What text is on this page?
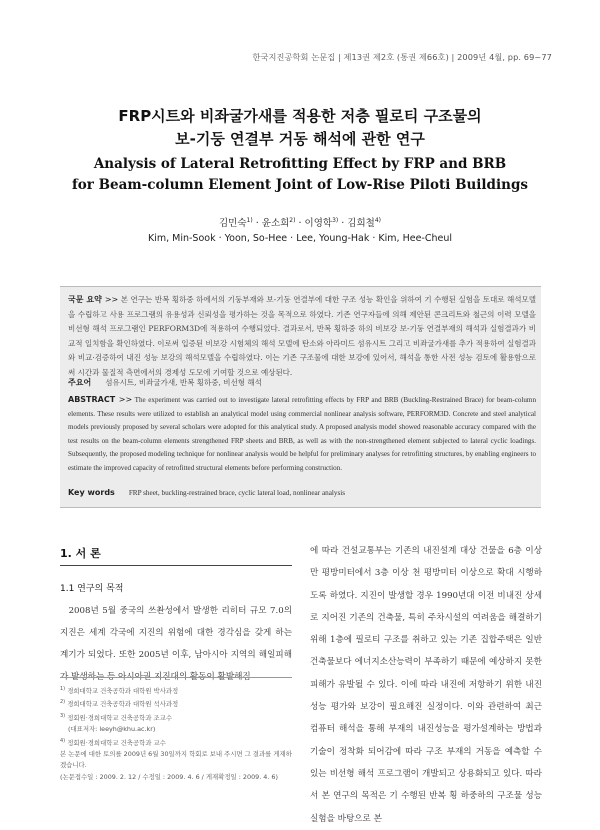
한국지진공학회 논문집 | 제13권 제2호 (통권 제66호) | 2009년 4월, pp. 69~77
FRP시트와 비좌굴가새를 적용한 저층 필로티 구조물의
보-기둥 연결부 거동 해석에 관한 연구
Analysis of Lateral Retrofitting Effect by FRP and BRB
for Beam-column Element Joint of Low-Rise Piloti Buildings
김민숙$^{1)}$ · 윤소희$^{2)}$ · 이영학$^{3)}$ · 김희철$^{4)}$
Kim, Min-Sook · Yoon, So-Hee · Lee, Young-Hak · Kim, Hee-Cheul
국문 요약 >> 본 연구는 반복 횡하중 하에서의 기둥부재와 보-기둥 연결부에 대한 구조 성능 확인을 위하여 기 수행된 실험을 토대로 해석모델을 수립하고 사용 프로그램의 유용성과 신뢰성을 평가하는 것을 목적으로 하였다. 기존 연구자들에 의해 제안된 콘크리트와 철근의 이력 모델을 비선형 해석 프로그램인 PERFORM3D에 적용하여 수행되었다. 결과로서, 반복 횡하중 하의 비보강 보-기둥 연결부재의 해석과 실험결과가 비교적 일치함을 확인하였다. 이로써 입증된 비보강 시험체의 해석 모델에 탄소와 아라미드 섬유시트 그리고 비좌굴가새를 추가 적용하여 실험결과와 비교·검증하여 내진 성능 보강의 해석모델을 수립하였다. 이는 기존 구조물에 대한 보강에 있어서, 해석을 통한 사전 성능 검토에 활용함으로써 시간과 물질적 측면에서의 경제성 도모에 기여할 것으로 예상된다.
주요어 섬유시트, 비좌굴가새, 반복 횡하중, 비선형 해석
ABSTRACT >> The experiment was carried out to investigate lateral retrofitting effects by FRP and BRB (Buckling-Restrained Brace) for beam-column elements. These results were utilized to establish an analytical model using commercial nonlinear analysis software, PERFORM3D. Concrete and steel analytical models previously proposed by several scholars were adopted for this analytical study. A proposed analysis model showed reasonable accuracy compared with the test results on the beam-column elements strengthened FRP sheets and BRB, as well as with the non-strengthened element subjected to lateral cyclic loadings. Subsequently, the proposed modeling technique for nonlinear analysis would be helpful for preliminary analyses for retrofitting structures, by enabling engineers to estimate the improved capacity of retrofitted structural elements before performing construction.
Key words FRP sheet, buckling-restrained brace, cyclic lateral load, nonlinear analysis
1. 서 론
1.1 연구의 목적

2008년 5월 중국의 쓰촨성에서 발생한 리히터 규모 7.0의 지진은 세계 각국에 지진의 위험에 대한 경각심을 갖게 하는 계기가 되었다. 또한 2005년 이후, 남아시아 지역의 해일피해가 발생하는 등 아시아권 지진대의 활동이 활발해짐

$^{1)}$ 경희대학교 건축공학과 대학원 박사과정
$^{2)}$ 경희대학교 건축공학과 대학원 석사과정
$^{3)}$ 정회원·경희대학교 건축공학과 조교수
(대표저자: leeyh@khu.ac.kr)
$^{4)}$ 정회원·경희대학교 건축공학과 교수
본 논문에 대한 토의를 2009년 6월 30일까지 학회로 보내 주시면 그 결과를 게재하겠습니다.
(논문접수일 : 2009. 2. 12 / 수정일 : 2009. 4. 6 / 게재확정일 : 2009. 4. 6)

에 따라 건설교통부는 기존의 내진설계 대상 건물을 6층 이상 만 평방미터에서 3층 이상 천 평방미터 이상으로 확대 시행하도록 하였다. 지진이 발생할 경우 1990년대 이전 비내진 상세로 지어진 기존의 건축물, 특히 주차시설의 여려움을 해결하기 위해 1층에 필로티 구조를 취하고 있는 기존 집합주택은 일반 건축물보다 에너지소산능력이 부족하기 때문에 예상하지 못한 피해가 유발될 수 있다. 이에 따라 내진에 저항하기 위한 내진성능 평가와 보강이 필요해진 실정이다. 이와 관련하여 최근 컴퓨터 해석을 통해 부재의 내진성능을 평가설계하는 방법과 기술이 정착화 되어감에 따라 구조 부재의 거동을 예측할 수 있는 비선형 해석 프로그램이 개발되고 상용화되고 있다. 따라서 본 연구의 목적은 기 수행된 반복 횡 하중하의 구조물 성능 실험을 바탕으로 본
